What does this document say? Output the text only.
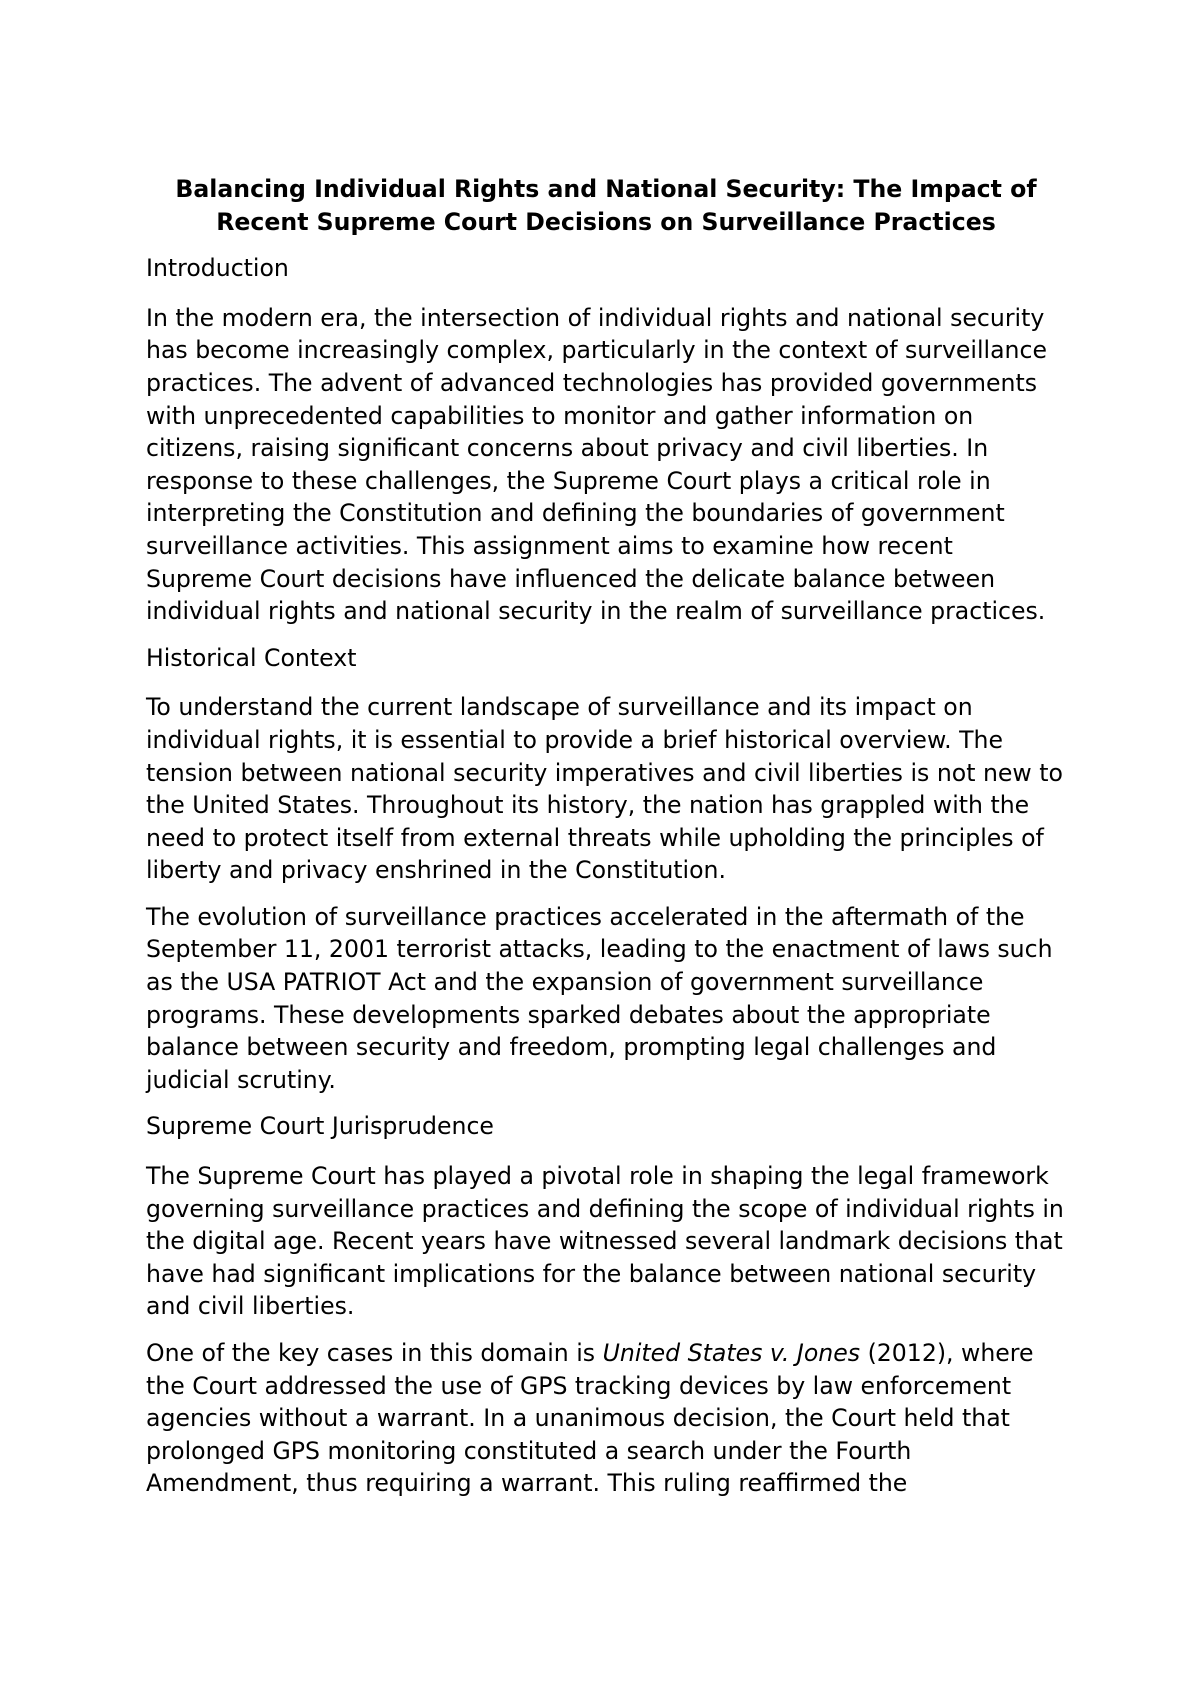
Balancing Individual Rights and National Security: The Impact of
Recent Supreme Court Decisions on Surveillance Practices
Introduction

In the modern era, the intersection of individual rights and national security has become increasingly complex, particularly in the context of surveillance practices. The advent of advanced technologies has provided governments with unprecedented capabilities to monitor and gather information on citizens, raising significant concerns about privacy and civil liberties. In response to these challenges, the Supreme Court plays a critical role in interpreting the Constitution and defining the boundaries of government surveillance activities. This assignment aims to examine how recent Supreme Court decisions have influenced the delicate balance between individual rights and national security in the realm of surveillance practices.

Historical Context

To understand the current landscape of surveillance and its impact on individual rights, it is essential to provide a brief historical overview. The tension between national security imperatives and civil liberties is not new to the United States. Throughout its history, the nation has grappled with the need to protect itself from external threats while upholding the principles of liberty and privacy enshrined in the Constitution.

The evolution of surveillance practices accelerated in the aftermath of the September 11, 2001 terrorist attacks, leading to the enactment of laws such as the USA PATRIOT Act and the expansion of government surveillance programs. These developments sparked debates about the appropriate balance between security and freedom, prompting legal challenges and judicial scrutiny.

Supreme Court Jurisprudence

The Supreme Court has played a pivotal role in shaping the legal framework governing surveillance practices and defining the scope of individual rights in the digital age. Recent years have witnessed several landmark decisions that have had significant implications for the balance between national security and civil liberties.

One of the key cases in this domain is United States v. Jones (2012), where the Court addressed the use of GPS tracking devices by law enforcement agencies without a warrant. In a unanimous decision, the Court held that prolonged GPS monitoring constituted a search under the Fourth Amendment, thus requiring a warrant. This ruling reaffirmed the
